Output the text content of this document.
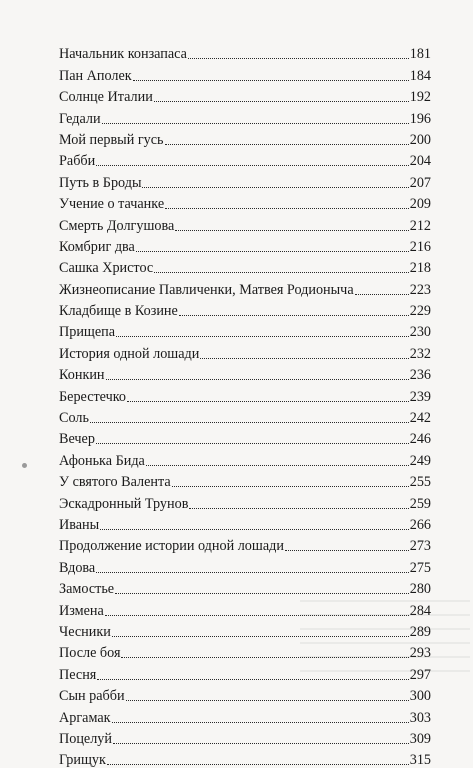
Начальник конзапаса	181
Пан Аполек	184
Солнце Италии	192
Гедали	196
Мой первый гусь	200
Рабби	204
Путь в Броды	207
Учение о тачанке	209
Смерть Долгушова	212
Комбриг два	216
Сашка Христос	218
Жизнеописание Павличенки, Матвея Родионыча	223
Кладбище в Козине	229
Прищепа	230
История одной лошади	232
Конкин	236
Берестечко	239
Соль	242
Вечер	246
Афонька Бида	249
У святого Валента	255
Эскадронный Трунов	259
Иваны	266
Продолжение истории одной лошади	273
Вдова	275
Замостье	280
Измена	284
Чесники	289
После боя	293
Песня	297
Сын рабби	300
Аргамак	303
Поцелуй	309
Грищук	315
